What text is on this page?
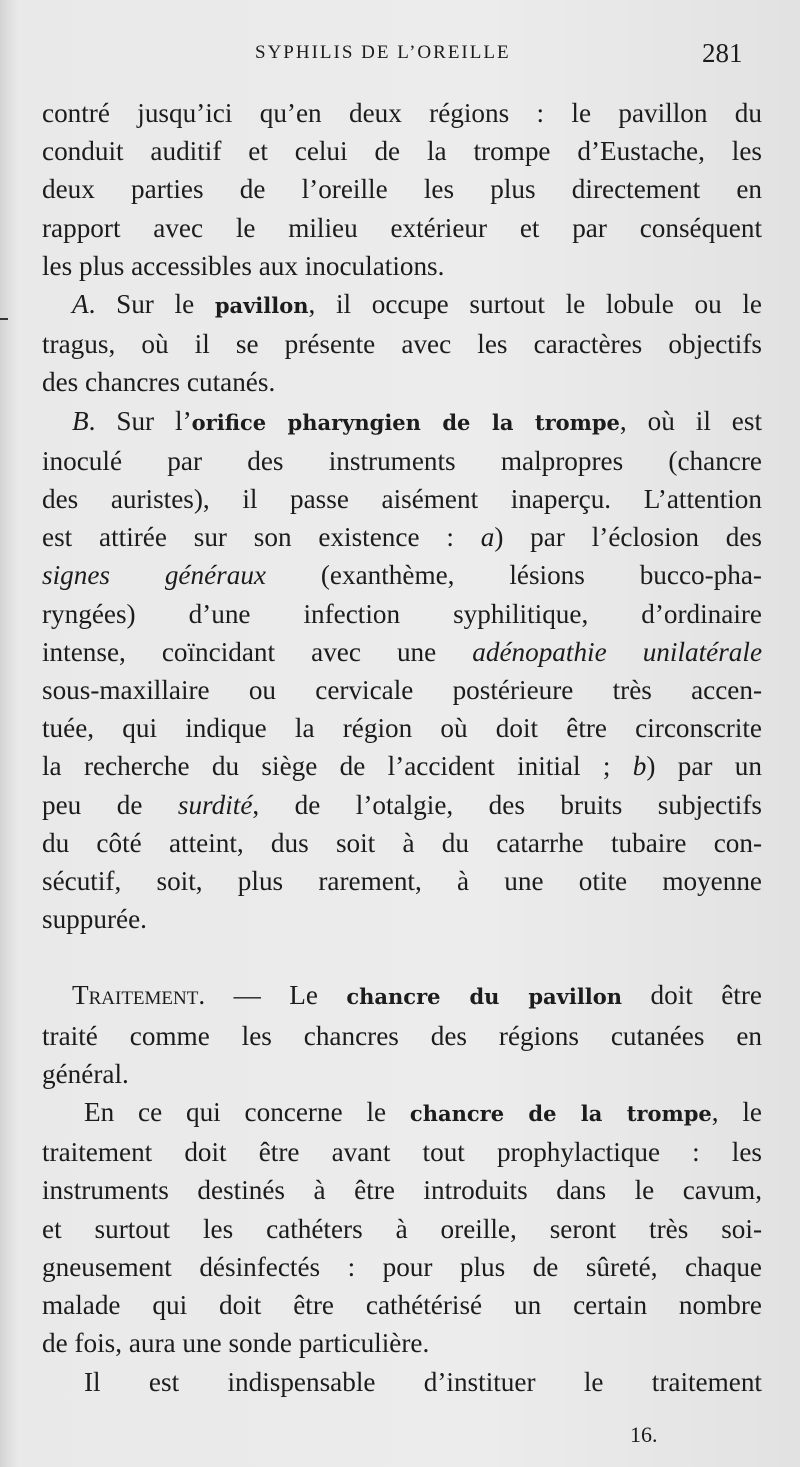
SYPHILIS DE L’OREILLE	281
contré jusqu’ici qu’en deux régions : le pavillon du
conduit auditif et celui de la trompe d’Eustache, les
deux parties de l’oreille les plus directement en
rapport avec le milieu extérieur et par conséquent
les plus accessibles aux inoculations.
A. Sur le pavillon, il occupe surtout le lobule ou le
tragus, où il se présente avec les caractères objectifs
des chancres cutanés.
B. Sur l’orifice pharyngien de la trompe, où il est
inoculé par des instruments malpropres (chancre
des auristes), il passe aisément inaperçu. L’attention
est attirée sur son existence : a) par l’éclosion des
signes généraux (exanthème, lésions bucco-pha-
ryngées) d’une infection syphilitique, d’ordinaire
intense, coïncidant avec une adénopathie unilatérale
sous-maxillaire ou cervicale postérieure très accen-
tuée, qui indique la région où doit être circonscrite
la recherche du siège de l’accident initial ; b) par un
peu de surdité, de l’otalgie, des bruits subjectifs
du côté atteint, dus soit à du catarrhe tubaire con-
sécutif, soit, plus rarement, à une otite moyenne
suppurée.
Traitement. — Le chancre du pavillon doit être
traité comme les chancres des régions cutanées en
général.
En ce qui concerne le chancre de la trompe, le
traitement doit être avant tout prophylactique : les
instruments destinés à être introduits dans le cavum,
et surtout les cathéters à oreille, seront très soi-
gneusement désinfectés : pour plus de sûreté, chaque
malade qui doit être cathétérisé un certain nombre
de fois, aura une sonde particulière.
Il est indispensable d’instituer le traitement
16.
